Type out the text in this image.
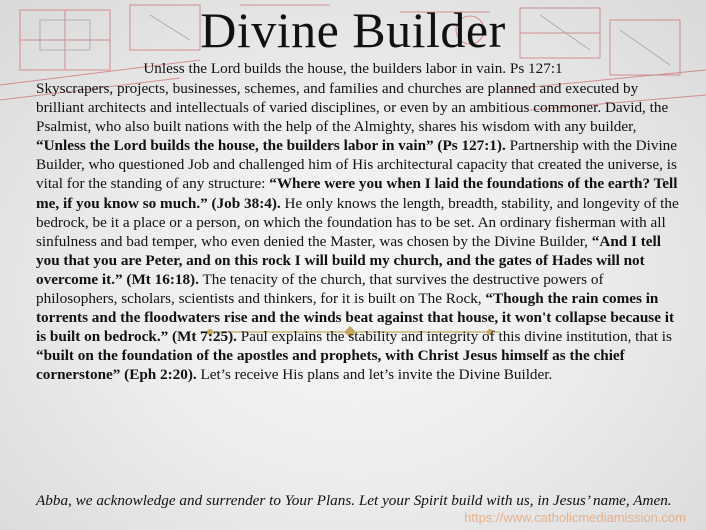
Divine Builder
Unless the Lord builds the house, the builders labor in vain. Ps 127:1

Skyscrapers, projects, businesses, schemes, and families and churches are planned and executed by brilliant architects and intellectuals of varied disciplines, or even by an ambitious commoner. David, the Psalmist, who also built nations with the help of the Almighty, shares his wisdom with any builder, “Unless the Lord builds the house, the builders labor in vain” (Ps 127:1). Partnership with the Divine Builder, who questioned Job and challenged him of His architectural capacity that created the universe, is vital for the standing of any structure: “Where were you when I laid the foundations of the earth? Tell me, if you know so much.” (Job 38:4). He only knows the length, breadth, stability, and longevity of the bedrock, be it a place or a person, on which the foundation has to be set. An ordinary fisherman with all sinfulness and bad temper, who even denied the Master, was chosen by the Divine Builder, “And I tell you that you are Peter, and on this rock I will build my church, and the gates of Hades will not overcome it.” (Mt 16:18). The tenacity of the church, that survives the destructive powers of philosophers, scholars, scientists and thinkers, for it is built on The Rock, “Though the rain comes in torrents and the floodwaters rise and the winds beat against that house, it won't collapse because it is built on bedrock.” (Mt 7:25). Paul explains the stability and integrity of this divine institution, that is “built on the foundation of the apostles and prophets, with Christ Jesus himself as the chief cornerstone” (Eph 2:20). Let’s receive His plans and let’s invite the Divine Builder.

Abba, we acknowledge and surrender to Your Plans. Let your Spirit build with us, in Jesus’ name, Amen.
https://www.catholicmediamission.com
